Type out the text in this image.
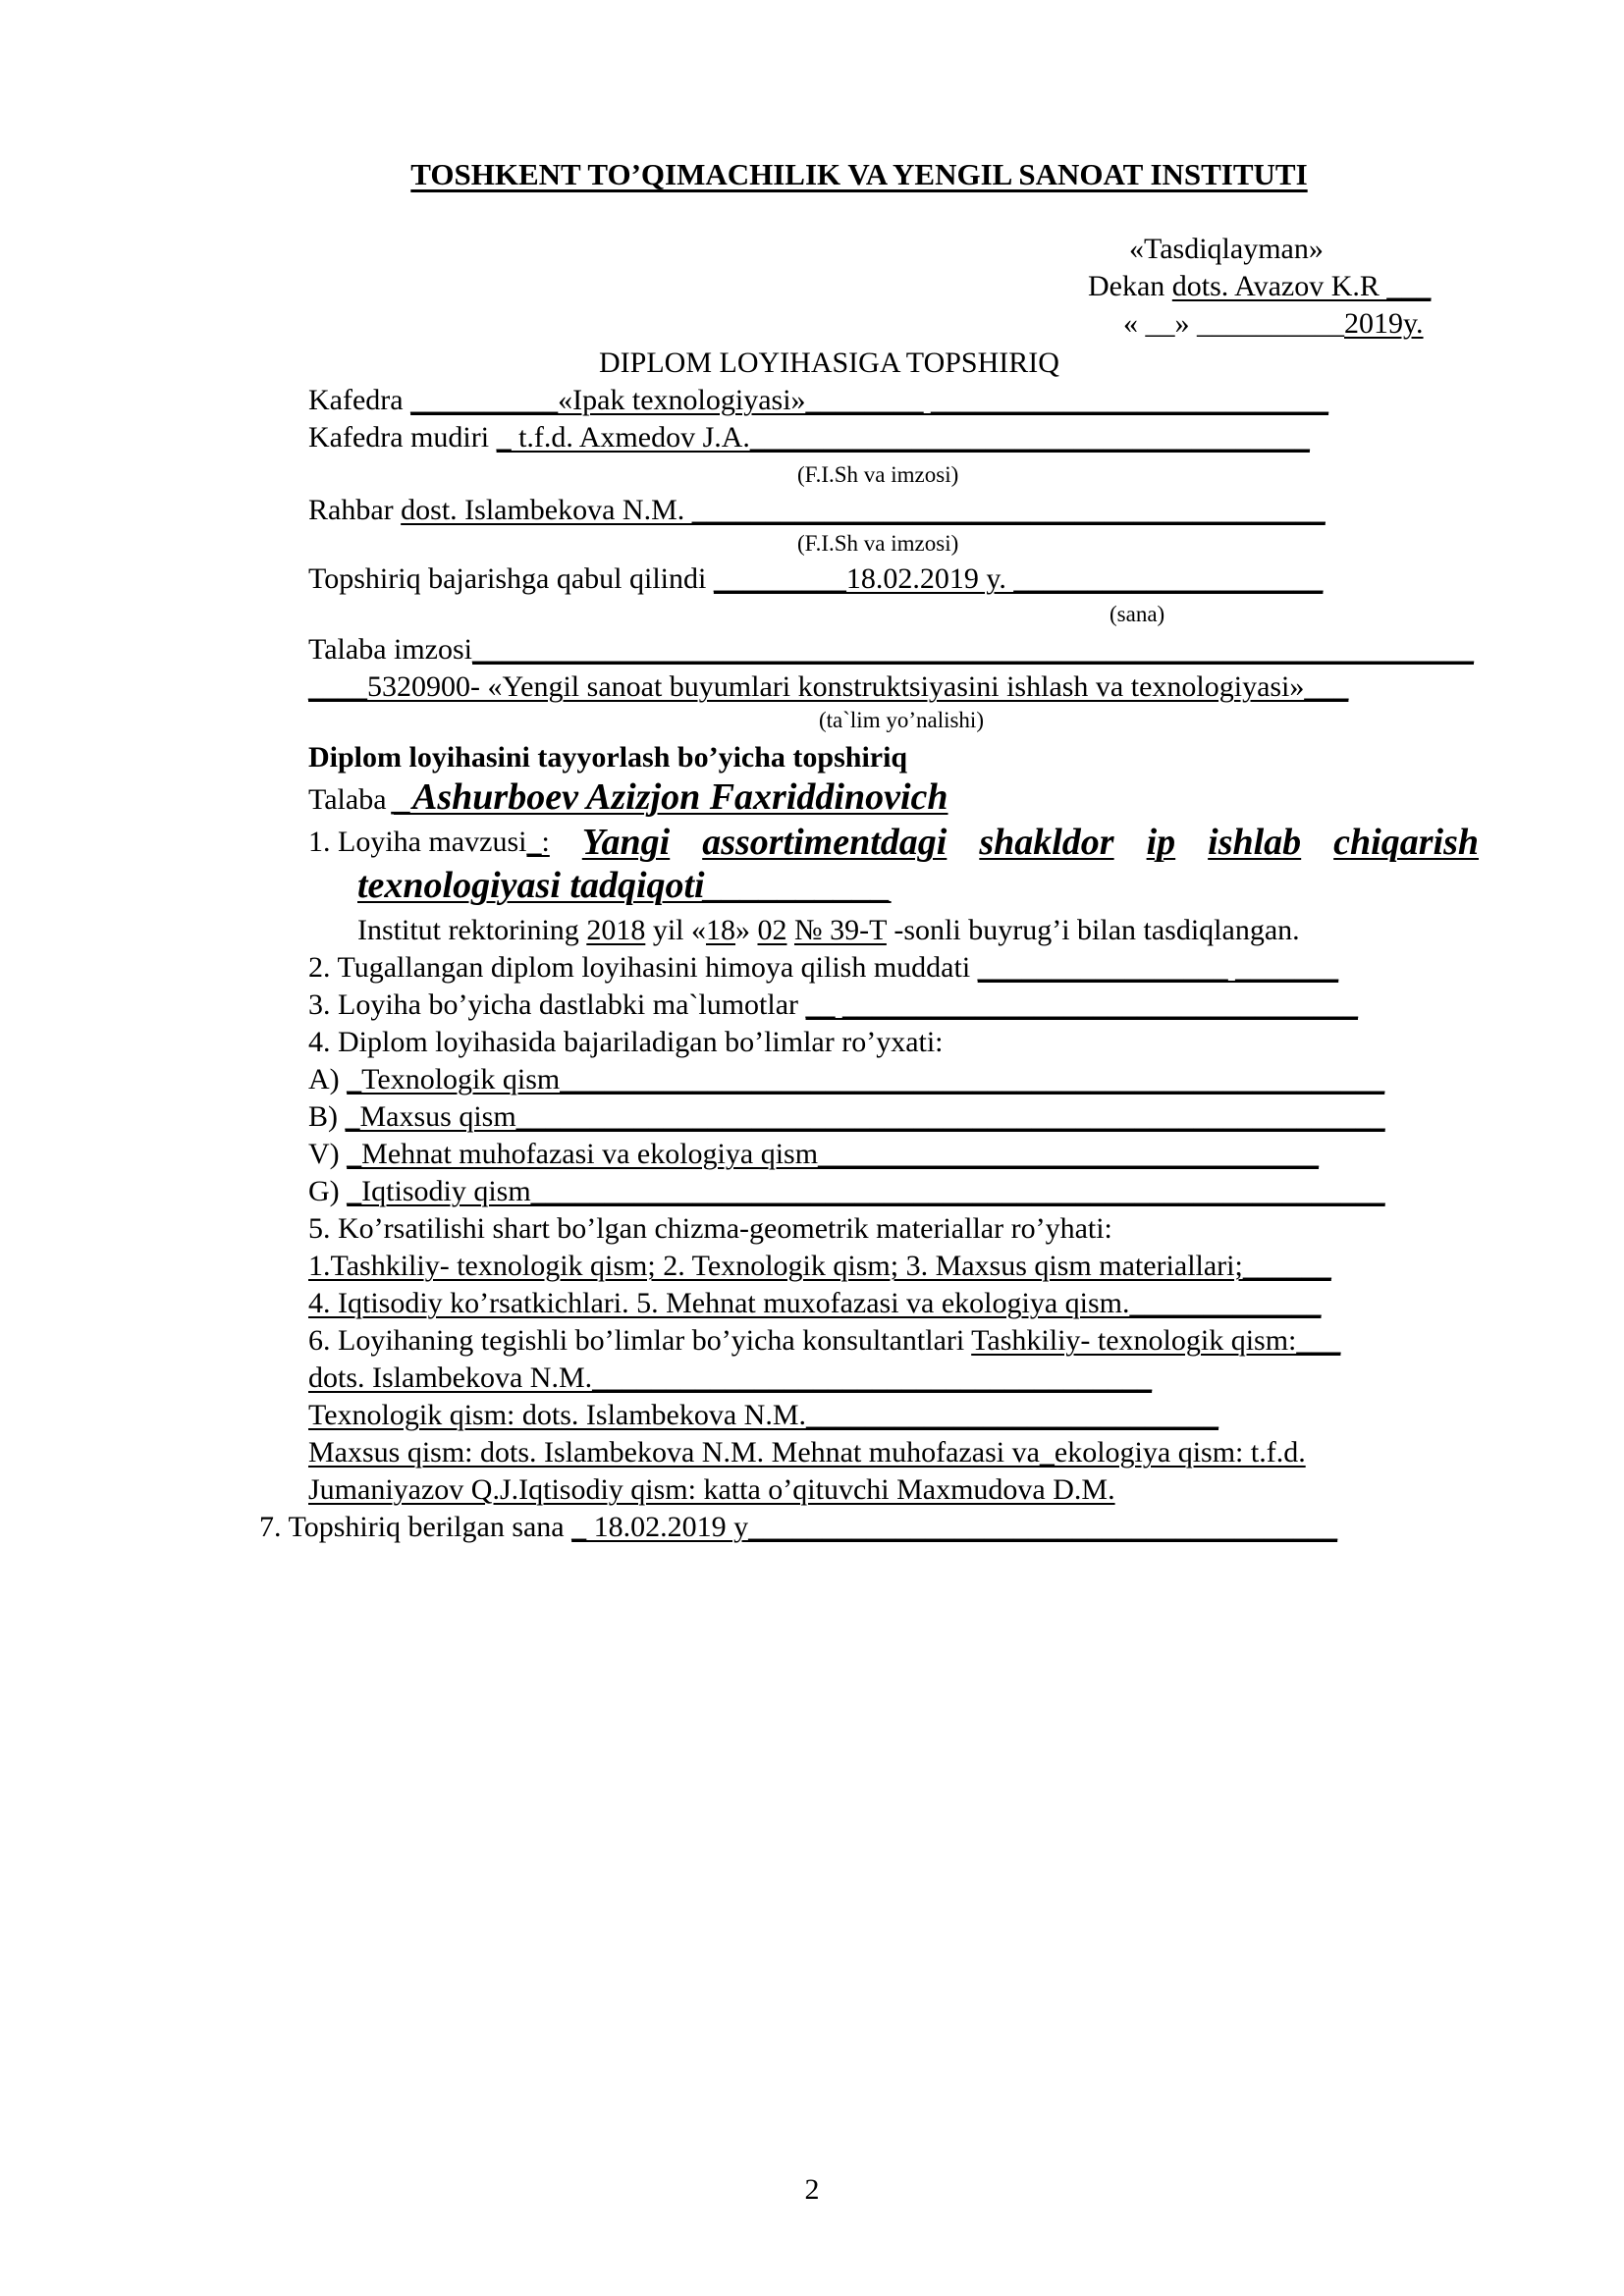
TOSHKENT TO’QIMACHILIK VA YENGIL SANOAT INSTITUTI
«Tasdiqlayman»
Dekan dots. Avazov K.R ___
« __» __________2019y.
DIPLOM LOYIHASIGA TOPSHIRIQ
Kafedra __________«Ipak texnologiyasi»________ ___________________________
Kafedra mudiri _ t.f.d. Axmedov J.A.______________________________________
(F.I.Sh va imzosi)
Rahbar dost. Islambekova N.M. ___________________________________________
(F.I.Sh va imzosi)
Topshiriq bajarishga qabul qilindi _________18.02.2019 y. _____________________
(sana)
Talaba imzosi____________________________________________________________________
____5320900- «Yengil sanoat buyumlari konstruktsiyasini ishlash va texnologiyasi»___
(ta`lim yo’nalishi)
Diplom loyihasini tayyorlash bo’yicha topshiriq
Talaba _Ashurboev Azizjon Faxriddinovich
1. Loyiha mavzusi_: Yangi assortimentdagi shakldor ip ishlab chiqarish
texnologiyasi tadqiqoti__________
Institut rektorining 2018 yil «18» 02 № 39-T -sonli buyrug’i bilan tasdiqlangan.
2. Tugallangan diplom loyihasini himoya qilish muddati _________________ _______
3. Loyiha bo’yicha dastlabki ma`lumotlar __ ___________________________________
4. Diplom loyihasida bajariladigan bo’limlar ro’yxati:
A) _Texnologik qism________________________________________________________
B) _Maxsus qism___________________________________________________________
V) _Mehnat muhofazasi va ekologiya qism__________________________________
G) _Iqtisodiy qism__________________________________________________________
5. Ko’rsatilishi shart bo’lgan chizma-geometrik materiallar ro’yhati:
1.Tashkiliy- texnologik qism; 2. Texnologik qism; 3. Maxsus qism materiallari;______
4. Iqtisodiy ko’rsatkichlari. 5. Mehnat muxofazasi va ekologiya qism._____________
6. Loyihaning tegishli bo’limlar bo’yicha konsultantlari Tashkiliy- texnologik qism:___
dots. Islambekova N.M.______________________________________
Texnologik qism: dots. Islambekova N.M.____________________________
Maxsus qism: dots. Islambekova N.M. Mehnat muhofazasi va_ekologiya qism: t.f.d.
Jumaniyazov Q.J.Iqtisodiy qism: katta o’qituvchi Maxmudova D.M.
7. Topshiriq berilgan sana _ 18.02.2019 y________________________________________
2
